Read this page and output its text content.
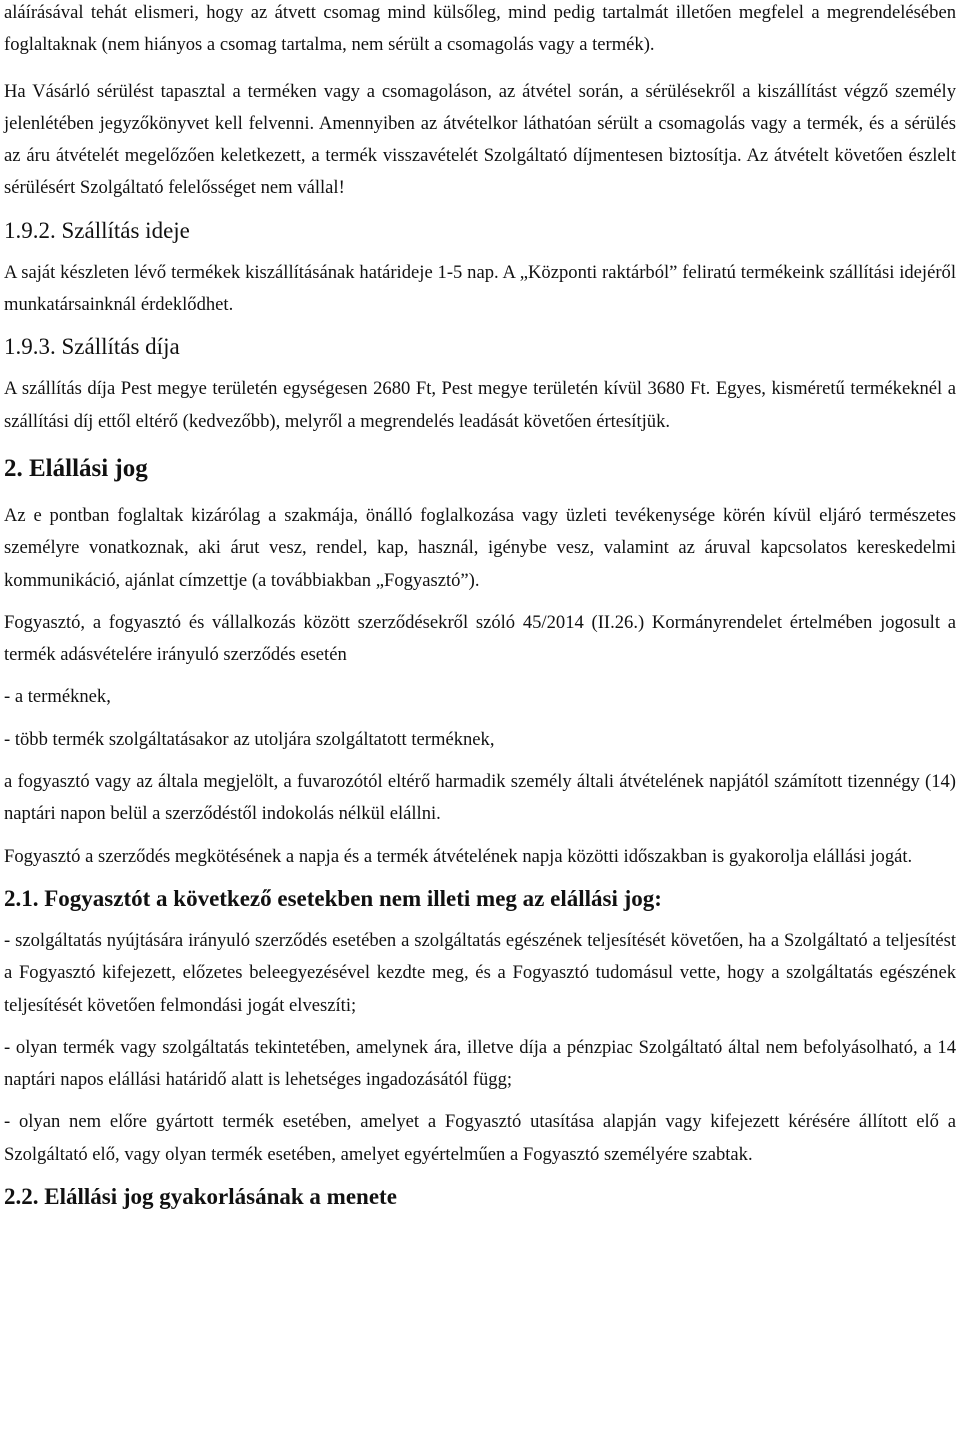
aláírásával tehát elismeri, hogy az átvett csomag mind külsőleg, mind pedig tartalmát illetően megfelel a megrendelésében foglaltaknak (nem hiányos a csomag tartalma, nem sérült a csomagolás vagy a termék).

Ha Vásárló sérülést tapasztal a terméken vagy a csomagoláson, az átvétel során, a sérülésekről a kiszállítást végző személy jelenlétében jegyzőkönyvet kell felvenni. Amennyiben az átvételkor láthatóan sérült a csomagolás vagy a termék, és a sérülés az áru átvételét megelőzően keletkezett, a termék visszavételét Szolgáltató díjmentesen biztosítja. Az átvételt követően észlelt sérülésért Szolgáltató felelősséget nem vállal!

1.9.2. Szállítás ideje

A saját készleten lévő termékek kiszállításának határideje 1-5 nap. A „Központi raktárból” feliratú termékeink szállítási idejéről munkatársainknál érdeklődhet.

1.9.3. Szállítás díja

A szállítás díja Pest megye területén egységesen 2680 Ft, Pest megye területén kívül 3680 Ft. Egyes, kisméretű termékeknél a szállítási díj ettől eltérő (kedvezőbb), melyről a megrendelés leadását követően értesítjük.

2. Elállási jog

Az e pontban foglaltak kizárólag a szakmája, önálló foglalkozása vagy üzleti tevékenysége körén kívül eljáró természetes személyre vonatkoznak, aki árut vesz, rendel, kap, használ, igénybe vesz, valamint az áruval kapcsolatos kereskedelmi kommunikáció, ajánlat címzettje (a továbbiakban „Fogyasztó”).

Fogyasztó, a fogyasztó és vállalkozás között szerződésekről szóló 45/2014 (II.26.) Kormányrendelet értelmében jogosult a termék adásvételére irányuló szerződés esetén

- a terméknek,

- több termék szolgáltatásakor az utoljára szolgáltatott terméknek,

a fogyasztó vagy az általa megjelölt, a fuvarozótól eltérő harmadik személy általi átvételének napjától számított tizennégy (14) naptári napon belül a szerződéstől indokolás nélkül elállni.

Fogyasztó a szerződés megkötésének a napja és a termék átvételének napja közötti időszakban is gyakorolja elállási jogát.

2.1. Fogyasztót a következő esetekben nem illeti meg az elállási jog:

- szolgáltatás nyújtására irányuló szerződés esetében a szolgáltatás egészének teljesítését követően, ha a Szolgáltató a teljesítést a Fogyasztó kifejezett, előzetes beleegyezésével kezdte meg, és a Fogyasztó tudomásul vette, hogy a szolgáltatás egészének teljesítését követően felmondási jogát elveszíti;

- olyan termék vagy szolgáltatás tekintetében, amelynek ára, illetve díja a pénzpiac Szolgáltató által nem befolyásolható, a 14 naptári napos elállási határidő alatt is lehetséges ingadozásától függ;

- olyan nem előre gyártott termék esetében, amelyet a Fogyasztó utasítása alapján vagy kifejezett kérésére állított elő a Szolgáltató elő, vagy olyan termék esetében, amelyet egyértelműen a Fogyasztó személyére szabtak.

2.2. Elállási jog gyakorlásának a menete
